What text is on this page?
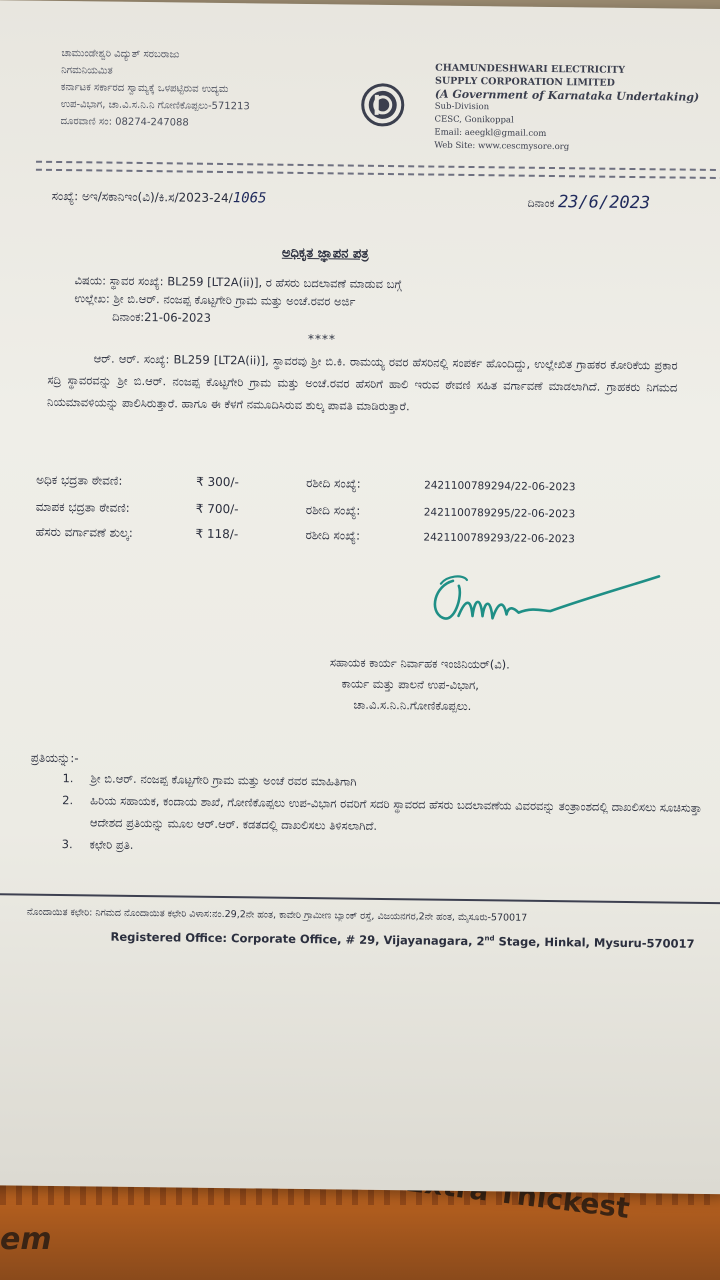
em
ಚಾಮುಂಡೇಶ್ವರಿ ವಿದ್ಯುತ್ ಸರಬರಾಜು
ನಿಗಮನಿಯಮಿತ
ಕರ್ನಾಟಕ ಸರ್ಕಾರದ ಸ್ವಾಮ್ಯಕ್ಕೆ ಒಳಪಟ್ಟಿರುವ ಉದ್ಯಮ
ಉಪ-ವಿಭಾಗ, ಚಾ.ವಿ.ಸ.ನಿ.ನಿ ಗೋಣಿಕೊಪ್ಪಲು-571213
ದೂರವಾಣಿ ಸಂ: 08274-247088
CHAMUNDESHWARI ELECTRICITY
SUPPLY CORPORATION LIMITED
(A Government of Karnataka Undertaking)
Sub-Division
CESC, Gonikoppal
Email: aeegkl@gmail.com
Web Site: www.cescmysore.org
ಸಂಖ್ಯೆ: ಅಇ/ಸಕಾನಿಇಂ(ವಿ)/ಕಿ.ಸ/2023-24/1065	ದಿನಾಂಕ 23/6/2023
ಅಧಿಕೃತ ಜ್ಞಾಪನ ಪತ್ರ
ವಿಷಯ: ಸ್ಥಾವರ ಸಂಖ್ಯೆ: BL259 [LT2A(ii)], ರ ಹೆಸರು ಬದಲಾವಣೆ ಮಾಡುವ ಬಗ್ಗೆ
ಉಲ್ಲೇಖ: ಶ್ರೀ ಬಿ.ಆರ್. ನಂಜಪ್ಪ ಕೊಟ್ಟಗೇರಿ ಗ್ರಾಮ ಮತ್ತು ಅಂಚೆ.ರವರ ಅರ್ಜಿ
ದಿನಾಂಕ:21-06-2023
****
ಆರ್. ಆರ್. ಸಂಖ್ಯೆ: BL259 [LT2A(ii)], ಸ್ಥಾವರವು ಶ್ರೀ ಬಿ.ಕಿ. ರಾಮಯ್ಯ ರವರ ಹೆಸರಿನಲ್ಲಿ ಸಂಪರ್ಕ ಹೊಂದಿದ್ದು, ಉಲ್ಲೇಖಿತ ಗ್ರಾಹಕರ ಕೋರಿಕೆಯ ಪ್ರಕಾರ ಸದ್ರಿ ಸ್ಥಾವರವನ್ನು ಶ್ರೀ ಬಿ.ಆರ್. ನಂಜಪ್ಪ ಕೊಟ್ಟಗೇರಿ ಗ್ರಾಮ ಮತ್ತು ಅಂಚೆ.ರವರ ಹೆಸರಿಗೆ ಹಾಲಿ ಇರುವ ಠೇವಣಿ ಸಹಿತ ವರ್ಗಾವಣೆ ಮಾಡಲಾಗಿದೆ. ಗ್ರಾಹಕರು ನಿಗಮದ ನಿಯಮಾವಳಿಯನ್ನು ಪಾಲಿಸಿರುತ್ತಾರೆ. ಹಾಗೂ ಈ ಕೆಳಗೆ ನಮೂದಿಸಿರುವ ಶುಲ್ಕ ಪಾವತಿ ಮಾಡಿರುತ್ತಾರೆ.
ಅಧಿಕ ಭದ್ರತಾ ಠೇವಣಿ:	₹ 300/-	ರಶೀದಿ ಸಂಖ್ಯೆ:	242110078929​4/22-06-2023
ಮಾಪಕ ಭದ್ರತಾ ಠೇವಣಿ:	₹ 700/-	ರಶೀದಿ ಸಂಖ್ಯೆ:	2421100789295/22-06-2023
ಹೆಸರು ವರ್ಗಾವಣೆ ಶುಲ್ಕ:	₹ 118/-	ರಶೀದಿ ಸಂಖ್ಯೆ:	2421100789293/22-06-2023
ಸಹಾಯಕ ಕಾರ್ಯ ನಿರ್ವಾಹಕ ಇಂಜಿನಿಯರ್(ವಿ).
ಕಾರ್ಯ ಮತ್ತು ಪಾಲನೆ ಉಪ-ವಿಭಾಗ,
ಚಾ.ವಿ.ಸ.ನಿ.ನಿ.ಗೋಣಿಕೊಪ್ಪಲು.
ಪ್ರತಿಯನ್ನು:-
1. ಶ್ರೀ ಬಿ.ಆರ್. ನಂಜಪ್ಪ ಕೊಟ್ಟಗೇರಿ ಗ್ರಾಮ ಮತ್ತು ಅಂಚೆ ರವರ ಮಾಹಿತಿಗಾಗಿ
2. ಹಿರಿಯ ಸಹಾಯಕ, ಕಂದಾಯ ಶಾಖೆ, ಗೋಣಿಕೊಪ್ಪಲು ಉಪ-ವಿಭಾಗ ರವರಿಗೆ ಸದರಿ ಸ್ಥಾವರದ ಹೆಸರು ಬದಲಾವಣೆಯ ವಿವರವನ್ನು ತಂತ್ರಾಂಶದಲ್ಲಿ ದಾಖಲಿಸಲು ಸೂಚಿಸುತ್ತಾ ಆದೇಶದ ಪ್ರತಿಯನ್ನು ಮೂಲ ಆರ್.ಆರ್. ಕಡತದಲ್ಲಿ ದಾಖಲಿಸಲು ತಿಳಿಸಲಾಗಿದೆ.
3. ಕಛೇರಿ ಪ್ರತಿ.
ನೊಂದಾಯಿತ ಕಛೇರಿ: ನಿಗಮದ ನೊಂದಾಯಿತ ಕಛೇರಿ ವಿಳಾಸ:ನಂ.29,2ನೇ ಹಂತ, ಕಾವೇರಿ ಗ್ರಾಮೀಣ ಬ್ಯಾಂಕ್ ರಸ್ತೆ, ವಿಜಯನಗರ,2ನೇ ಹಂತ, ಮೈಸೂರು-570017
Registered Office: Corporate Office, # 29, Vijayanagara, 2nd Stage, Hinkal, Mysuru-570017
